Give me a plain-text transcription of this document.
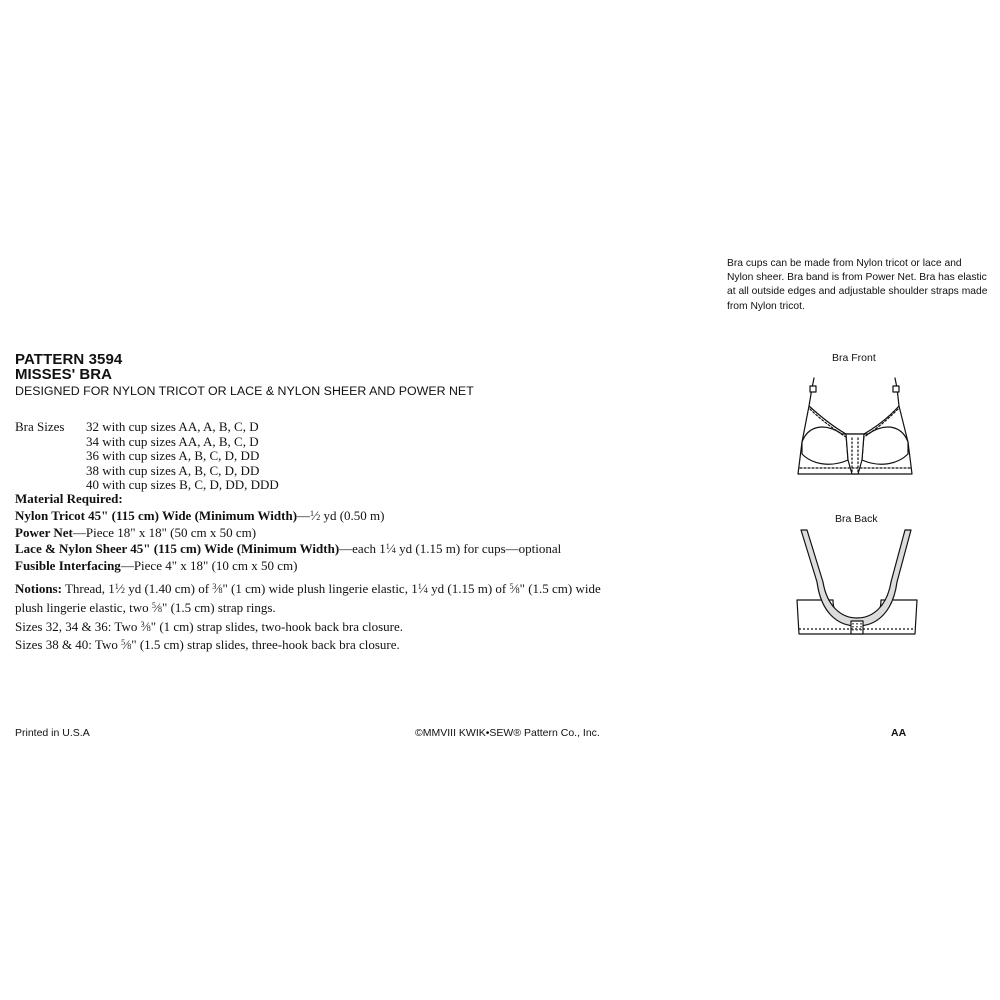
Bra cups can be made from Nylon tricot or lace and Nylon sheer. Bra band is from Power Net. Bra has elastic at all outside edges and adjustable shoulder straps made from Nylon tricot.
PATTERN 3594
MISSES' BRA
DESIGNED FOR NYLON TRICOT OR LACE & NYLON SHEER AND POWER NET
Bra Sizes 32 with cup sizes AA, A, B, C, D
34 with cup sizes AA, A, B, C, D
36 with cup sizes A, B, C, D, DD
38 with cup sizes A, B, C, D, DD
40 with cup sizes B, C, D, DD, DDD
Material Required:
Nylon Tricot 45" (115 cm) Wide (Minimum Width)—$^1$⁄2 yd (0.50 m)
Power Net—Piece 18" x 18" (50 cm x 50 cm)
Lace & Nylon Sheer 45" (115 cm) Wide (Minimum Width)—each $1^1⁄4$ yd (1.15 m) for cups—optional
Fusible Interfacing—Piece 4" x 18" (10 cm x 50 cm)
Notions: Thread, $1^1⁄2$ yd (1.40 cm) of $^3$⁄8" (1 cm) wide plush lingerie elastic, $1^1⁄4$ yd (1.15 m) of $^5$⁄8" (1.5 cm) wide
plush lingerie elastic, two $^5$⁄8" (1.5 cm) strap rings.
Sizes 32, 34 & 36: Two $^3$⁄8" (1 cm) strap slides, two-hook back bra closure.
Sizes 38 & 40: Two $^5$⁄8" (1.5 cm) strap slides, three-hook back bra closure.
Bra Front
Bra Back
Printed in U.S.A	©MMVIII KWIK•SEW® Pattern Co., Inc.	AA
